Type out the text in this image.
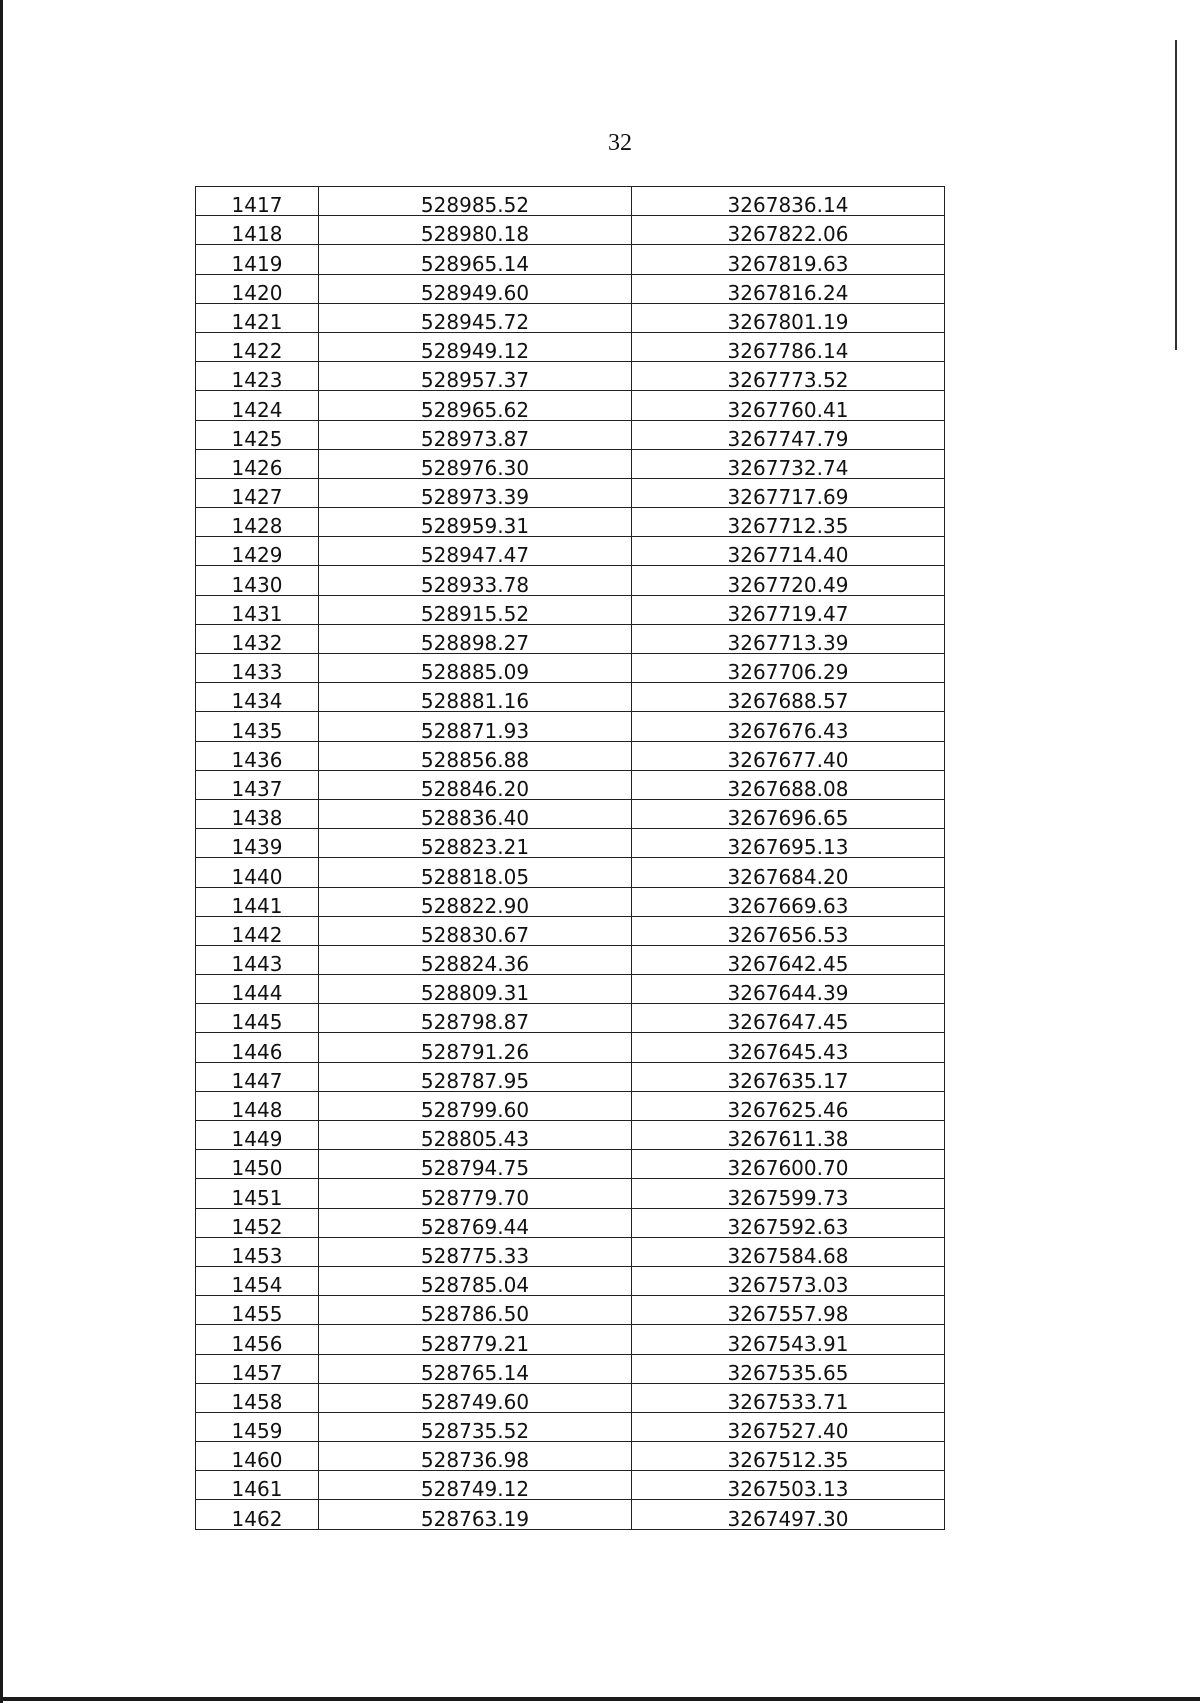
32
1417	528985.52	3267836.14
1418	528980.18	3267822.06
1419	528965.14	3267819.63
1420	528949.60	3267816.24
1421	528945.72	3267801.19
1422	528949.12	3267786.14
1423	528957.37	3267773.52
1424	528965.62	3267760.41
1425	528973.87	3267747.79
1426	528976.30	3267732.74
1427	528973.39	3267717.69
1428	528959.31	3267712.35
1429	528947.47	3267714.40
1430	528933.78	3267720.49
1431	528915.52	3267719.47
1432	528898.27	3267713.39
1433	528885.09	3267706.29
1434	528881.16	3267688.57
1435	528871.93	3267676.43
1436	528856.88	3267677.40
1437	528846.20	3267688.08
1438	528836.40	3267696.65
1439	528823.21	3267695.13
1440	528818.05	3267684.20
1441	528822.90	3267669.63
1442	528830.67	3267656.53
1443	528824.36	3267642.45
1444	528809.31	3267644.39
1445	528798.87	3267647.45
1446	528791.26	3267645.43
1447	528787.95	3267635.17
1448	528799.60	3267625.46
1449	528805.43	3267611.38
1450	528794.75	3267600.70
1451	528779.70	3267599.73
1452	528769.44	3267592.63
1453	528775.33	3267584.68
1454	528785.04	3267573.03
1455	528786.50	3267557.98
1456	528779.21	3267543.91
1457	528765.14	3267535.65
1458	528749.60	3267533.71
1459	528735.52	3267527.40
1460	528736.98	3267512.35
1461	528749.12	3267503.13
1462	528763.19	3267497.30
